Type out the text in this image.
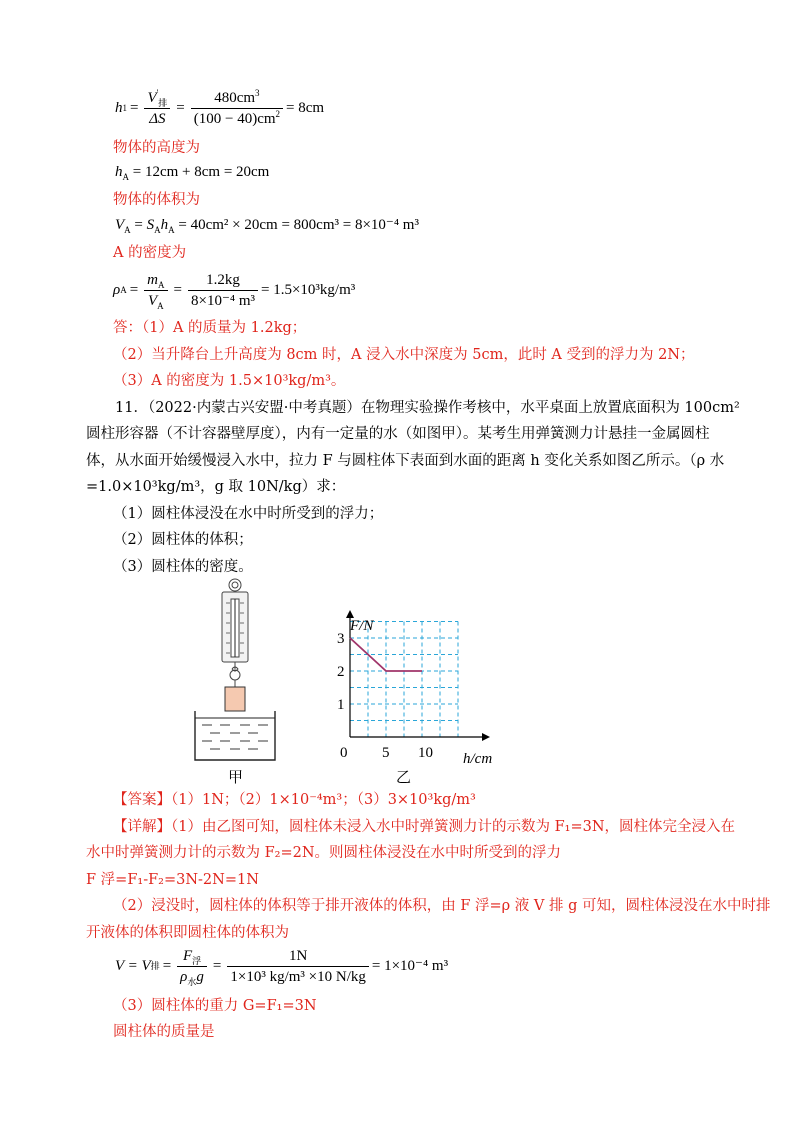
h $1 = \frac{V'_排}{\Delta S} = \frac{480cm^3}{(100 - 40)cm^2} = 8cm$
物体的高度为
$h_A = 12cm + 8cm = 20cm$
物体的体积为
$V_A = S_Ah_A = 40cm^2 \times 20cm = 800cm^3 = 8\times 10^{-4}$ m³
A 的密度为
ρ $A = \frac{m_A}{V_A} = \frac{1.2kg}{\text{8×10⁻⁴ m³}} = 1.5\times 10^3kg/m^3$
答：（1）A 的质量为 1.2kg；
（2）当升降台上升高度为 8cm 时，A 浸入水中深度为 5cm，此时 A 受到的浮力为 2N；
（3）A 的密度为 1.5×10³kg/m³。
11．（2022·内蒙古兴安盟·中考真题）在物理实验操作考核中，水平桌面上放置底面积为 100cm²
圆柱形容器（不计容器壁厚度），内有一定量的水（如图甲）。某考生用弹簧测力计悬挂一金属圆柱
体，从水面开始缓慢浸入水中，拉力 F 与圆柱体下表面到水面的距离 h 变化关系如图乙所示。（ρ 水
=1.0×10³kg/m³，g 取 10N/kg）求：
（1）圆柱体浸没在水中时所受到的浮力；
（2）圆柱体的体积；
（3）圆柱体的密度。
甲
0 5 10
1
2
3
F/N
h/cm
乙
【答案】（1）1N；（2）1×10⁻⁴m³；（3）3×10³kg/m³
【详解】（1）由乙图可知，圆柱体未浸入水中时弹簧测力计的示数为 F₁=3N，圆柱体完全浸入在
水中时弹簧测力计的示数为 F₂=2N。则圆柱体浸没在水中时所受到的浮力
F 浮=F₁-F₂=3N-2N=1N
（2）浸没时，圆柱体的体积等于排开液体的体积，由 F 浮=ρ 液 V 排 g 可知，圆柱体浸没在水中时排
开液体的体积即圆柱体的体积为
V = V 排 = $\frac{F_浮}{\rho_水g} = \frac{1N}{\text{1×10³ kg/m³ ×10 N/kg}} = 1\times 10^{-4}$ m³
（3）圆柱体的重力 G=F₁=3N
圆柱体的质量是
